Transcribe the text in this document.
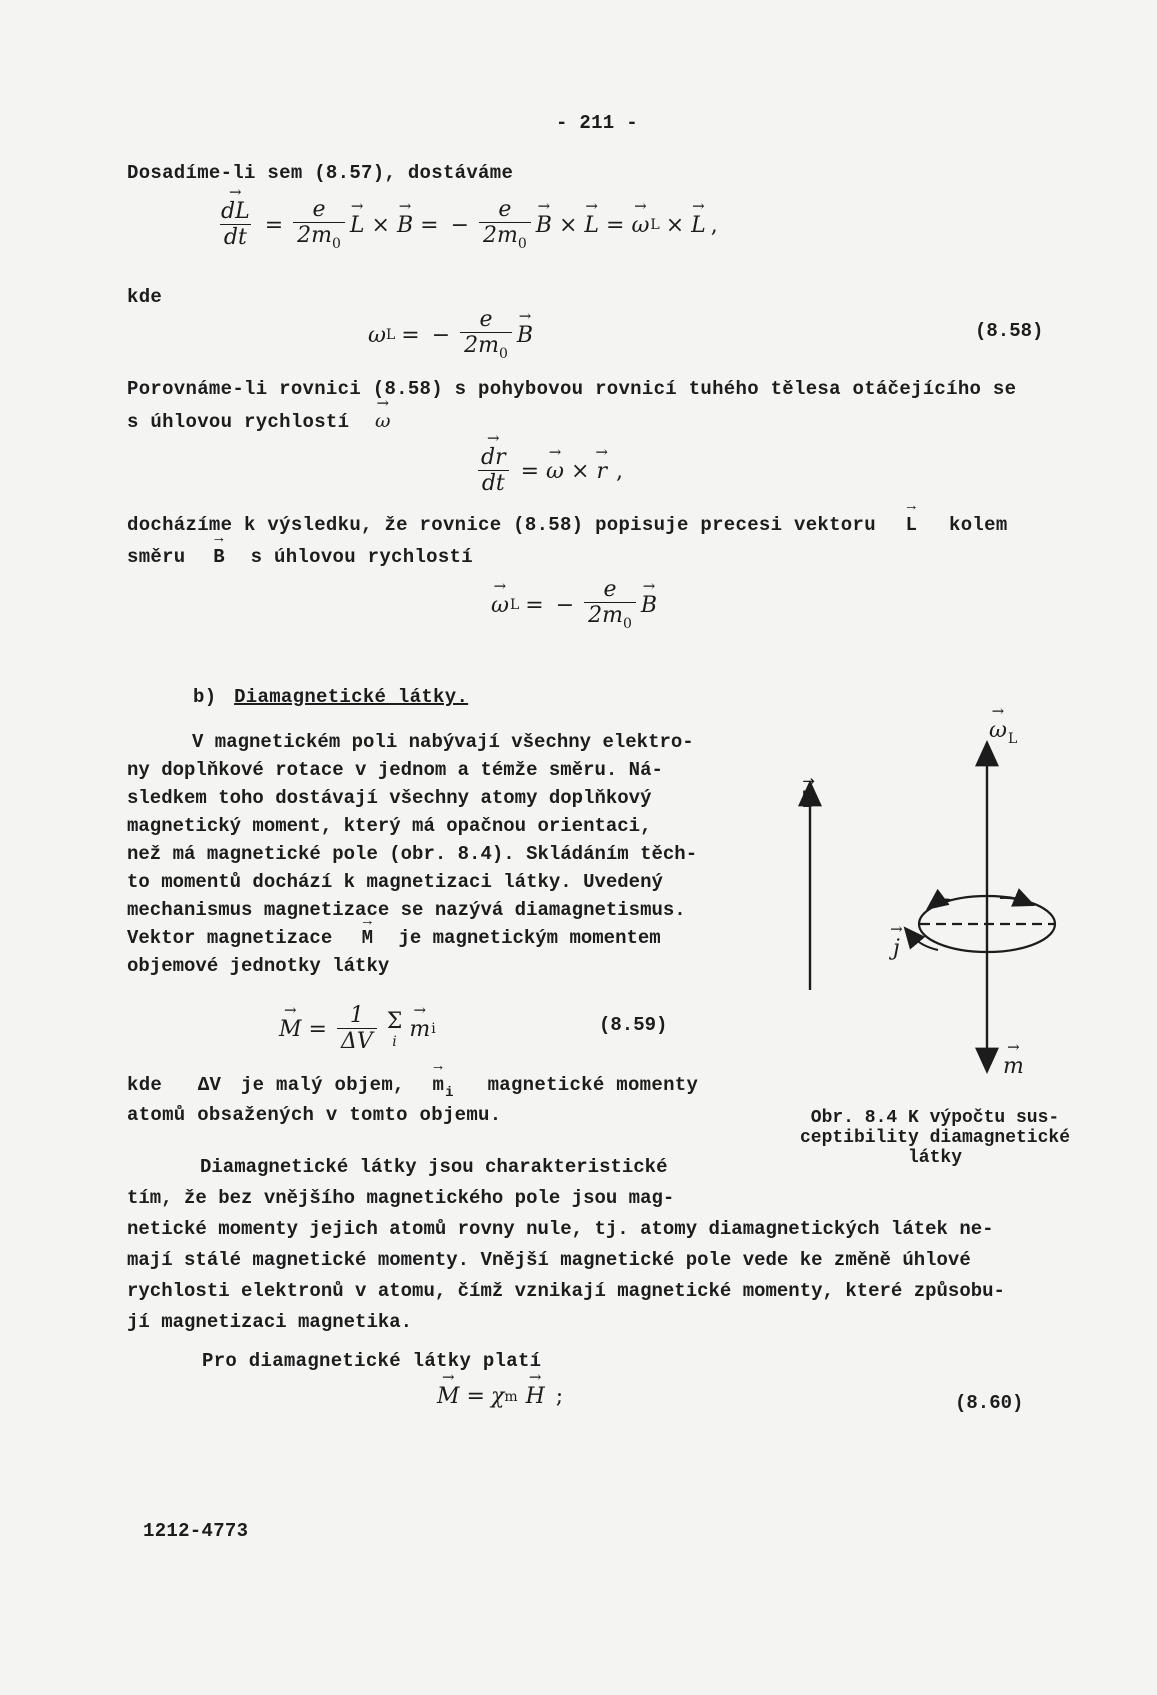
- 211 -
Dosadíme-li sem (8.57), dostáváme
→ $\frac{dL}{dt} = \frac{e}{2m_0}$
→ L ×
→ B = − $\frac{e}{2m_0}$
→ B ×
→ L =
→ ω L ×
→ L ,
kde
ω L = − $\frac{e}{2m_0}$
→ B	(8.58)
Porovnáme-li rovnici (8.58) s pohybovou rovnicí tuhého tělesa otáčejícího se
s úhlovou rychlostí → ω
→ $\frac{dr}{dt}$ =
→ ω ×
→ r ,
docházíme k výsledku, že rovnice (8.58) popisuje precesi vektoru → L kolem
směru → B s úhlovou rychlostí
→ ω L = − $\frac{e}{2m_0}$
→ B
b) Diamagnetické látky.
V magnetickém poli nabývají všechny elektro-
ny doplňkové rotace v jednom a témže směru. Ná-
sledkem toho dostávají všechny atomy doplňkový
magnetický moment, který má opačnou orientaci,
než má magnetické pole (obr. 8.4). Skládáním těch-
to momentů dochází k magnetizaci látky. Uvedený
mechanismus magnetizace se nazývá diamagnetismus.
Vektor magnetizace → M je magnetickým momentem
objemové jednotky látky
→ $M = \frac{1}{\Delta V}$ Σ
i
→ m i	(8.59)
kde ΔV je malý objem, → $m_i$ magnetické momenty
atomů obsažených v tomto objemu.
→ $\omega_L$
→ B
→ j
→ m
Obr. 8.4 K výpočtu sus-
ceptibility diamagnetické
látky
Diamagnetické látky jsou charakteristické
tím, že bez vnějšího magnetického pole jsou mag-
netické momenty jejich atomů rovny nule, tj. atomy diamagnetických látek ne-
mají stálé magnetické momenty. Vnější magnetické pole vede ke změně úhlové
rychlosti elektronů v atomu, čímž vznikají magnetické momenty, které způsobu-
jí magnetizaci magnetika.
Pro diamagnetické látky platí
→ M = χ m
→ H ;	(8.60)
1212-4773
